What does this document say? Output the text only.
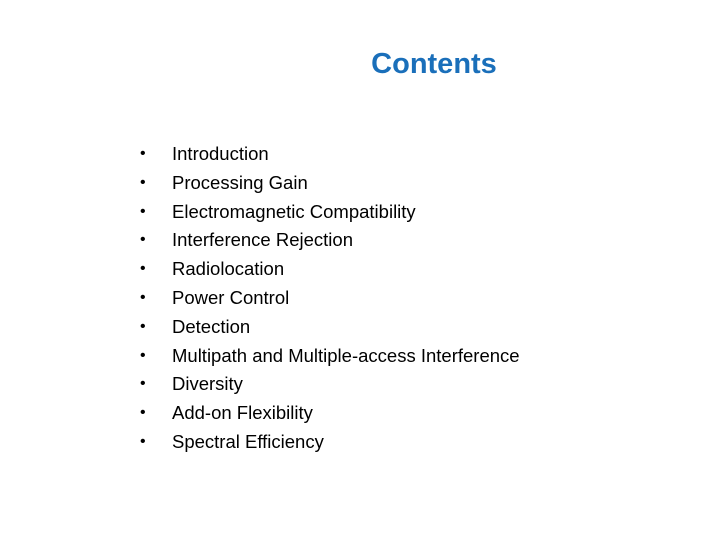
Contents
•	Introduction
•	Processing Gain
•	Electromagnetic Compatibility
•	Interference Rejection
•	Radiolocation
•	Power Control
•	Detection
•	Multipath and Multiple-access Interference
•	Diversity
•	Add-on Flexibility
•	Spectral Efficiency
